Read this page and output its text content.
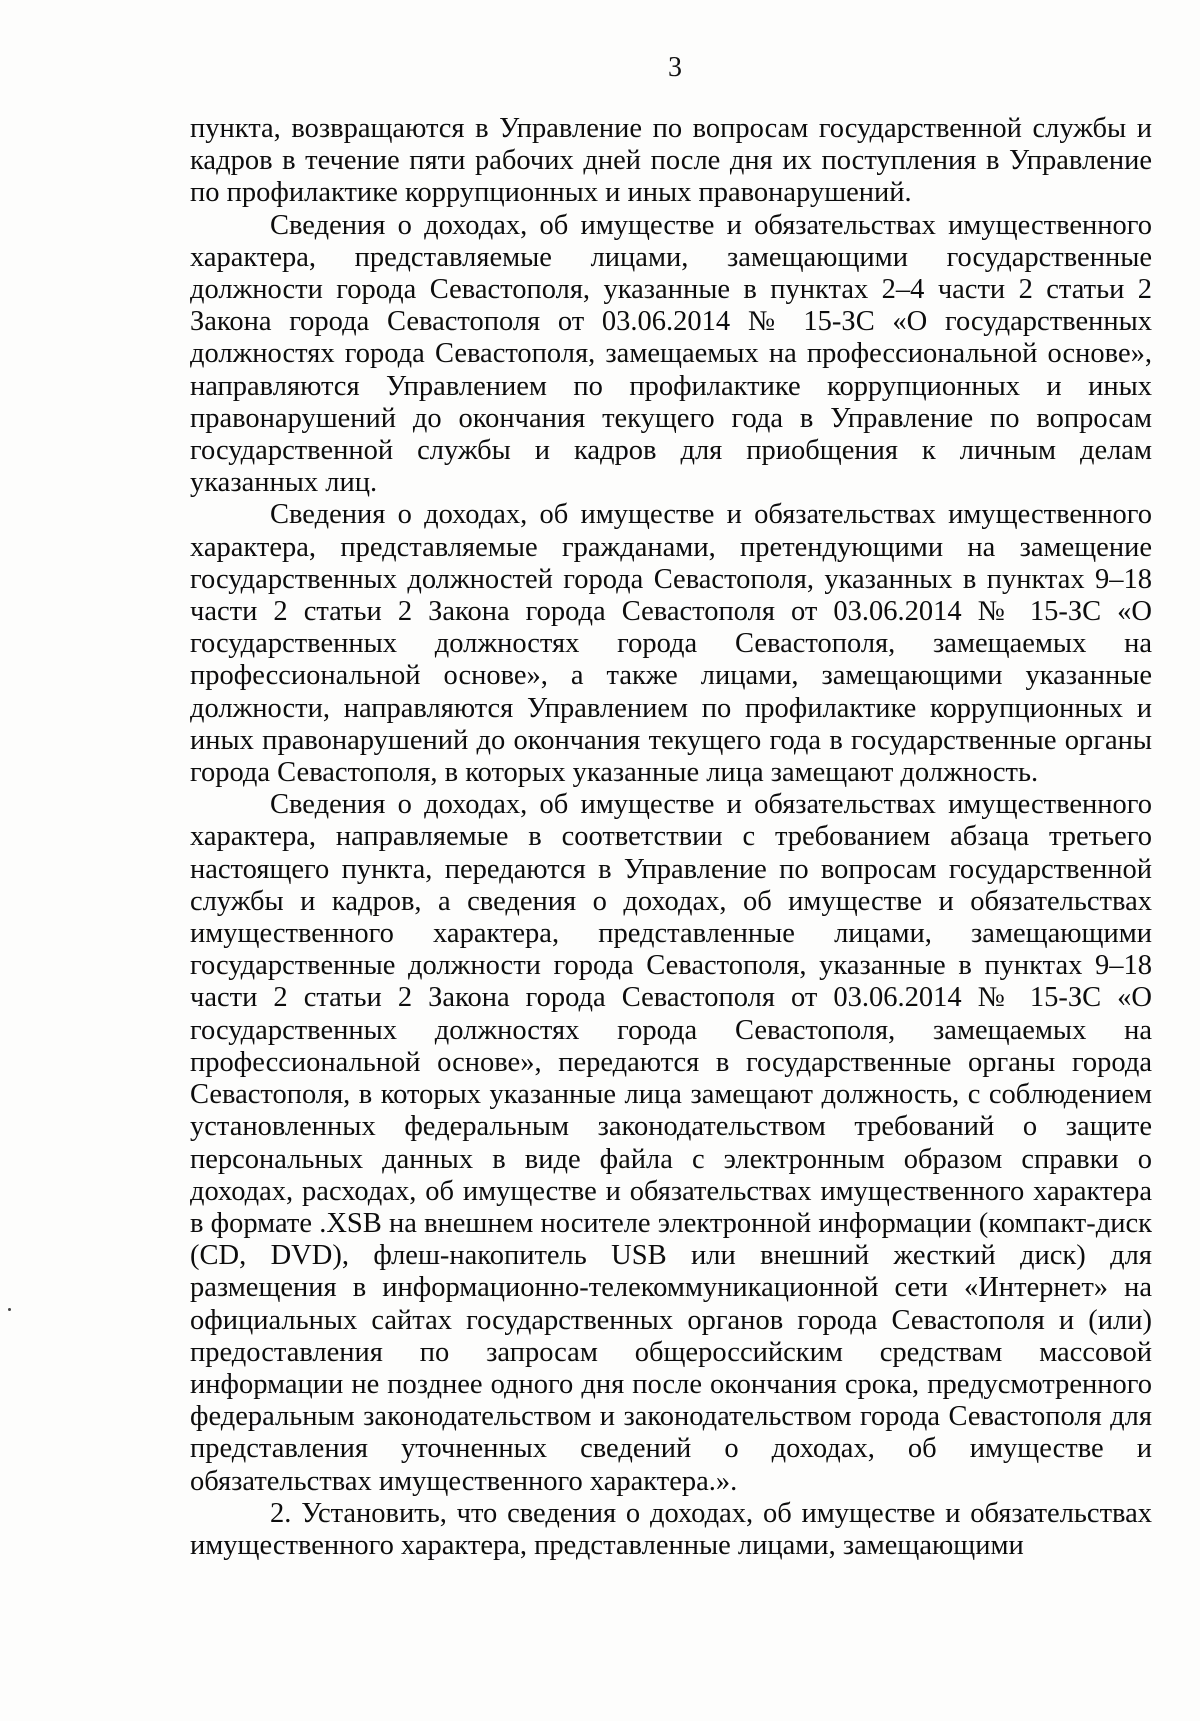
3

пункта, возвращаются в Управление по вопросам государственной службы и кадров в течение пяти рабочих дней после дня их поступления в Управление по профилактике коррупционных и иных правонарушений.

Сведения о доходах, об имуществе и обязательствах имущественного характера, представляемые лицами, замещающими государственные должности города Севастополя, указанные в пунктах 2–4 части 2 статьи 2 Закона города Севастополя от 03.06.2014 № 15-ЗС «О государственных должностях города Севастополя, замещаемых на профессиональной основе», направляются Управлением по профилактике коррупционных и иных правонарушений до окончания текущего года в Управление по вопросам государственной службы и кадров для приобщения к личным делам указанных лиц.

Сведения о доходах, об имуществе и обязательствах имущественного характера, представляемые гражданами, претендующими на замещение государственных должностей города Севастополя, указанных в пунктах 9–18 части 2 статьи 2 Закона города Севастополя от 03.06.2014 № 15-ЗС «О государственных должностях города Севастополя, замещаемых на профессиональной основе», а также лицами, замещающими указанные должности, направляются Управлением по профилактике коррупционных и иных правонарушений до окончания текущего года в государственные органы города Севастополя, в которых указанные лица замещают должность.

Сведения о доходах, об имуществе и обязательствах имущественного характера, направляемые в соответствии с требованием абзаца третьего настоящего пункта, передаются в Управление по вопросам государственной службы и кадров, а сведения о доходах, об имуществе и обязательствах имущественного характера, представленные лицами, замещающими государственные должности города Севастополя, указанные в пунктах 9–18 части 2 статьи 2 Закона города Севастополя от 03.06.2014 № 15-ЗС «О государственных должностях города Севастополя, замещаемых на профессиональной основе», передаются в государственные органы города Севастополя, в которых указанные лица замещают должность, с соблюдением установленных федеральным законодательством требований о защите персональных данных в виде файла с электронным образом справки о доходах, расходах, об имуществе и обязательствах имущественного характера в формате .XSB на внешнем носителе электронной информации (компакт-диск (CD, DVD), флеш-накопитель USB или внешний жесткий диск) для размещения в информационно-телекоммуникационной сети «Интернет» на официальных сайтах государственных органов города Севастополя и (или) предоставления по запросам общероссийским средствам массовой информации не позднее одного дня после окончания срока, предусмотренного федеральным законодательством и законодательством города Севастополя для представления уточненных сведений о доходах, об имуществе и обязательствах имущественного характера.».

2. Установить, что сведения о доходах, об имуществе и обязательствах имущественного характера, представленные лицами, замещающими
